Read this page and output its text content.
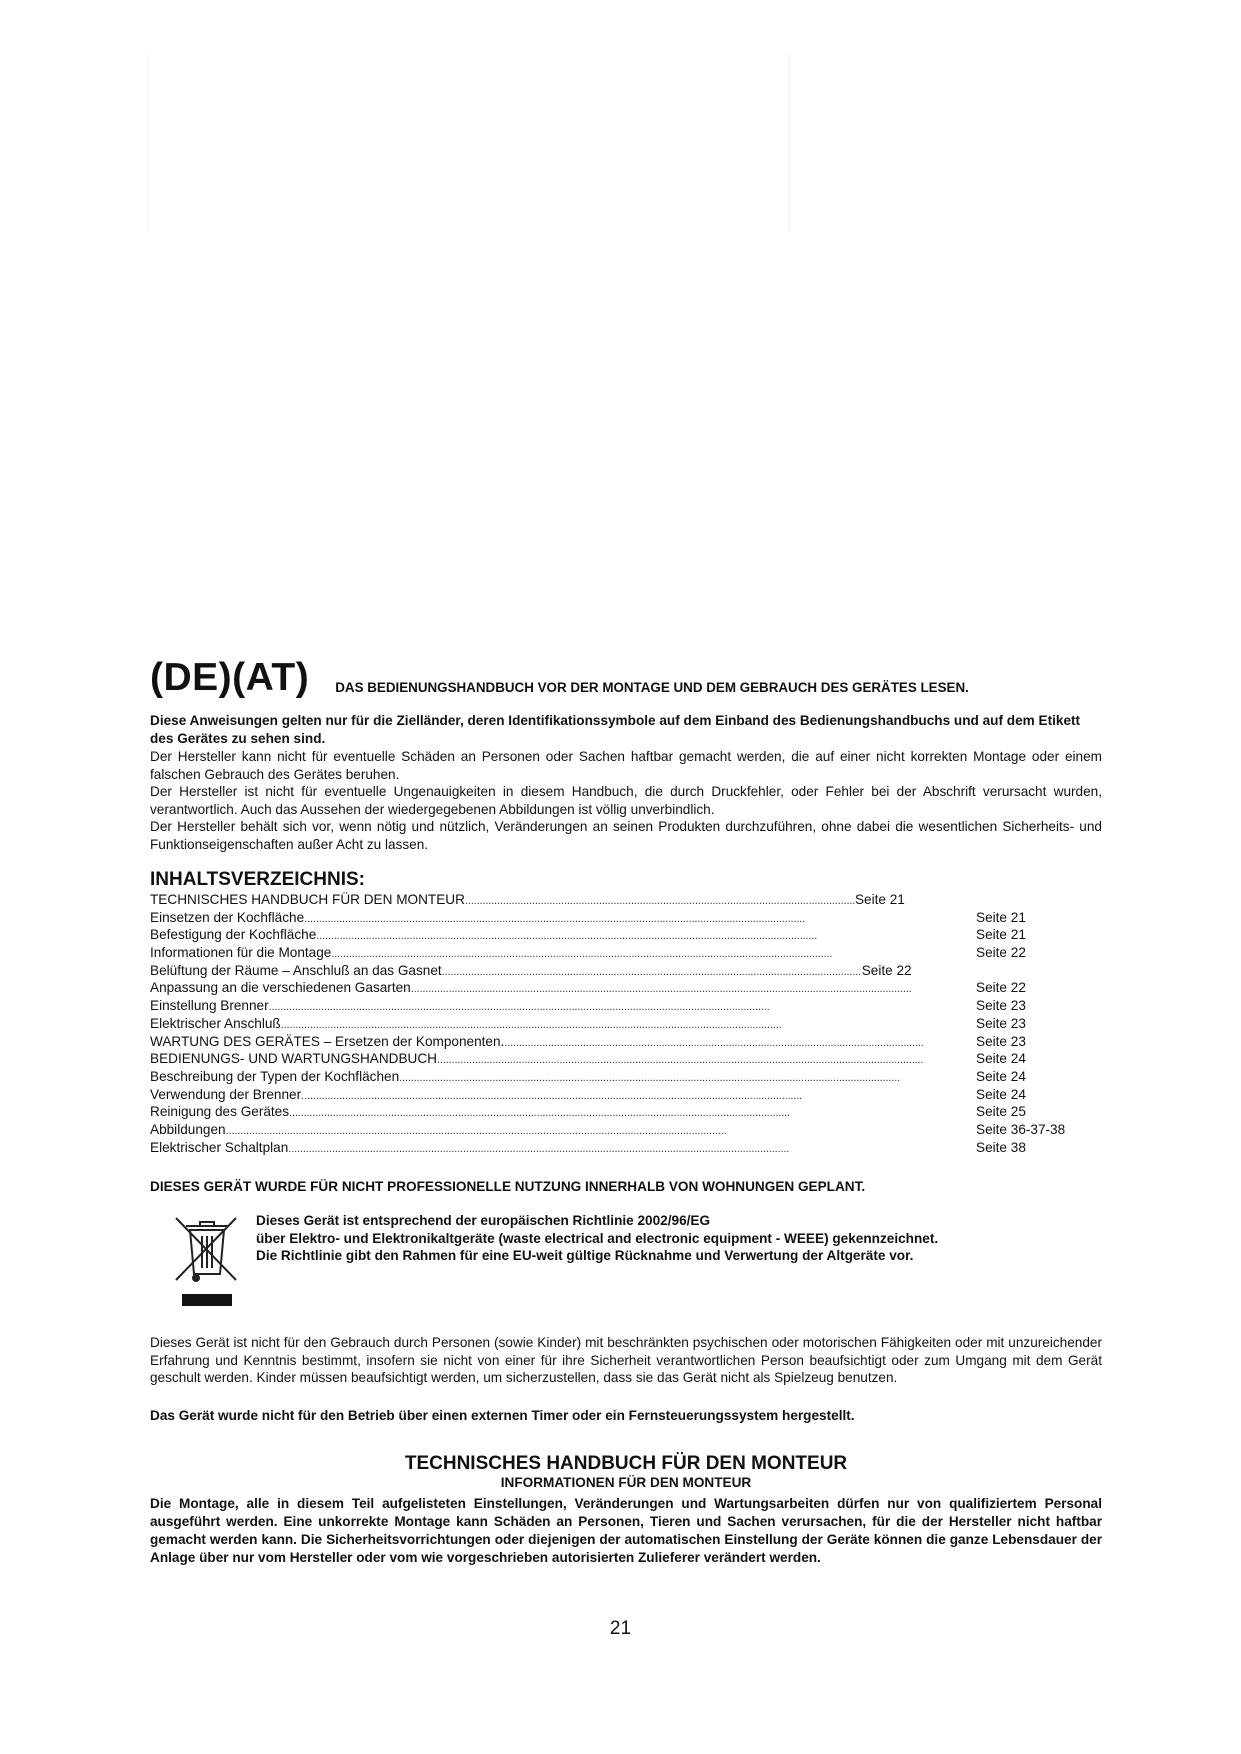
(DE)(AT) DAS BEDIENUNGSHANDBUCH VOR DER MONTAGE UND DEM GEBRAUCH DES GERÄTES LESEN.

Diese Anweisungen gelten nur für die Zielländer, deren Identifikationssymbole auf dem Einband des Bedienungshandbuchs und auf dem Etikett des Gerätes zu sehen sind.

Der Hersteller kann nicht für eventuelle Schäden an Personen oder Sachen haftbar gemacht werden, die auf einer nicht korrekten Montage oder einem falschen Gebrauch des Gerätes beruhen.

Der Hersteller ist nicht für eventuelle Ungenauigkeiten in diesem Handbuch, die durch Druckfehler, oder Fehler bei der Abschrift verursacht wurden, verantwortlich. Auch das Aussehen der wiedergegebenen Abbildungen ist völlig unverbindlich.

Der Hersteller behält sich vor, wenn nötig und nützlich, Veränderungen an seinen Produkten durchzuführen, ohne dabei die wesentlichen Sicherheits- und Funktionseigenschaften außer Acht zu lassen.

INHALTSVERZEICHNIS:
TECHNISCHES HANDBUCH FÜR DEN MONTEUR . . .	Seite 21
Einsetzen der Kochfläche . . .	Seite 21
Befestigung der Kochfläche . . .	Seite 21
Informationen für die Montage . . .	Seite 22
Belüftung der Räume – Anschluß an das Gasnet . . .	Seite 22
Anpassung an die verschiedenen Gasarten . . .	Seite 22
Einstellung Brenner . . .	Seite 23
Elektrischer Anschluß . . .	Seite 23
WARTUNG DES GERÄTES – Ersetzen der Komponenten. . . .	Seite 23
BEDIENUNGS- UND WARTUNGSHANDBUCH . . .	Seite 24
Beschreibung der Typen der Kochflächen . . .	Seite 24
Verwendung der Brenner . . .	Seite 24
Reinigung des Gerätes . . .	Seite 25
Abbildungen . . .	Seite 36-37-38
Elektrischer Schaltplan . . .	Seite 38

DIESES GERÄT WURDE FÜR NICHT PROFESSIONELLE NUTZUNG INNERHALB VON WOHNUNGEN GEPLANT.

Dieses Gerät ist entsprechend der europäischen Richtlinie 2002/96/EG

über Elektro- und Elektronikaltgeräte (waste electrical and electronic equipment - WEEE) gekennzeichnet.

Die Richtlinie gibt den Rahmen für eine EU-weit gültige Rücknahme und Verwertung der Altgeräte vor.

Dieses Gerät ist nicht für den Gebrauch durch Personen (sowie Kinder) mit beschränkten psychischen oder motorischen Fähigkeiten oder mit unzureichender Erfahrung und Kenntnis bestimmt, insofern sie nicht von einer für ihre Sicherheit verantwortlichen Person beaufsichtigt oder zum Umgang mit dem Gerät geschult werden. Kinder müssen beaufsichtigt werden, um sicherzustellen, dass sie das Gerät nicht als Spielzeug benutzen.

Das Gerät wurde nicht für den Betrieb über einen externen Timer oder ein Fernsteuerungssystem hergestellt.

TECHNISCHES HANDBUCH FÜR DEN MONTEUR
INFORMATIONEN FÜR DEN MONTEUR

Die Montage, alle in diesem Teil aufgelisteten Einstellungen, Veränderungen und Wartungsarbeiten dürfen nur von qualifiziertem Personal ausgeführt werden. Eine unkorrekte Montage kann Schäden an Personen, Tieren und Sachen verursachen, für die der Hersteller nicht haftbar gemacht werden kann. Die Sicherheitsvorrichtungen oder diejenigen der automatischen Einstellung der Geräte können die ganze Lebensdauer der Anlage über nur vom Hersteller oder vom wie vorgeschrieben autorisierten Zulieferer verändert werden.

21
